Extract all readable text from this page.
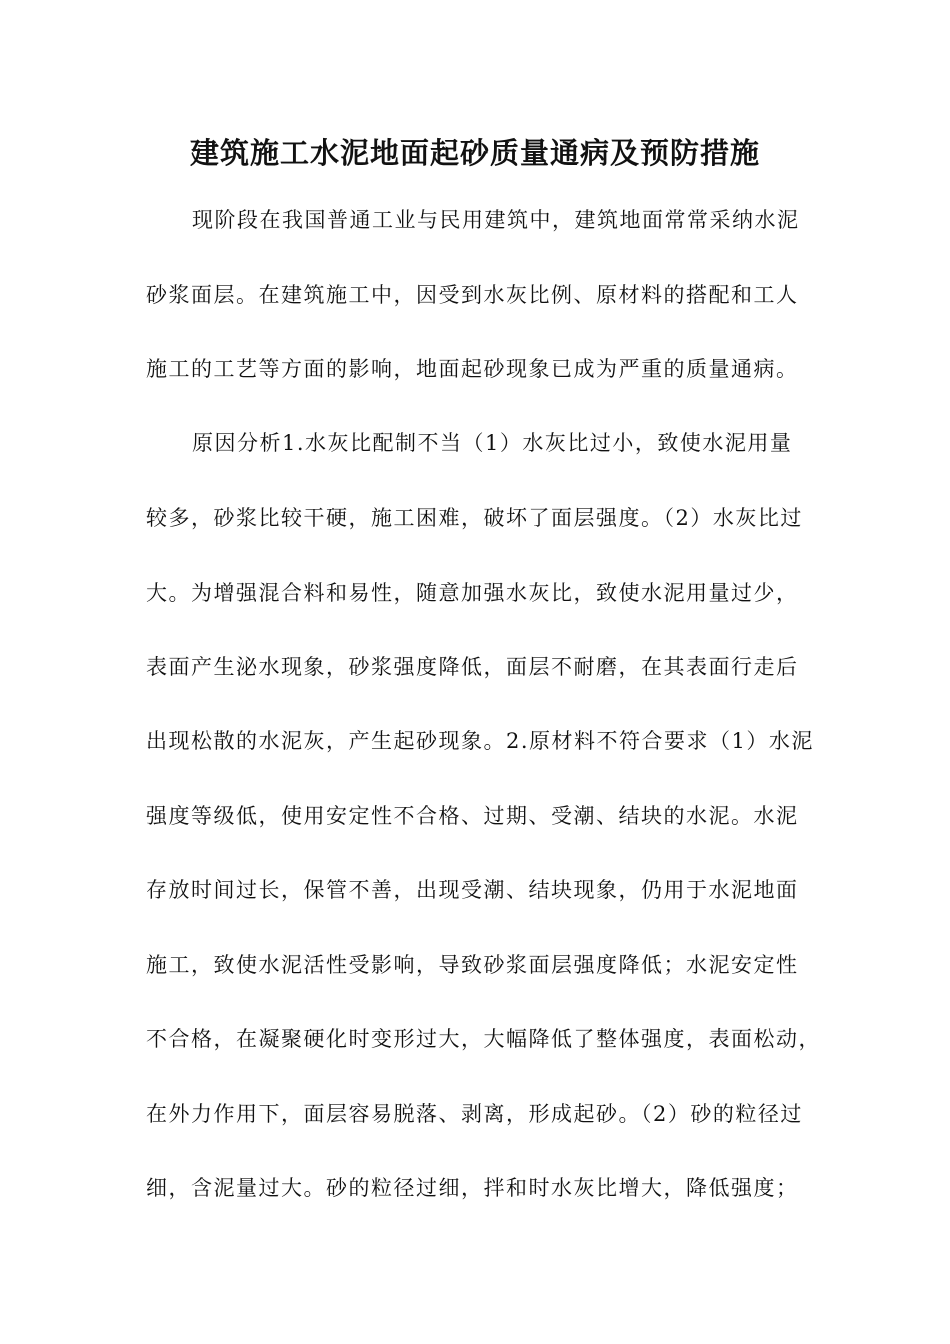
建筑施工水泥地面起砂质量通病及预防措施

现阶段在我国普通工业与民用建筑中，建筑地面常常采纳水泥

砂浆面层。在建筑施工中，因受到水灰比例、原材料的搭配和工人

施工的工艺等方面的影响，地面起砂现象已成为严重的质量通病。

原因分析1.水灰比配制不当（1）水灰比过小，致使水泥用量

较多，砂浆比较干硬，施工困难，破坏了面层强度。（2）水灰比过

大。为增强混合料和易性，随意加强水灰比，致使水泥用量过少，

表面产生泌水现象，砂浆强度降低，面层不耐磨，在其表面行走后

出现松散的水泥灰，产生起砂现象。2.原材料不符合要求（1）水泥

强度等级低，使用安定性不合格、过期、受潮、结块的水泥。水泥

存放时间过长，保管不善，出现受潮、结块现象，仍用于水泥地面

施工，致使水泥活性受影响，导致砂浆面层强度降低；水泥安定性

不合格，在凝聚硬化时变形过大，大幅降低了整体强度，表面松动，

在外力作用下，面层容易脱落、剥离，形成起砂。（2）砂的粒径过

细，含泥量过大。砂的粒径过细，拌和时水灰比增大，降低强度；
